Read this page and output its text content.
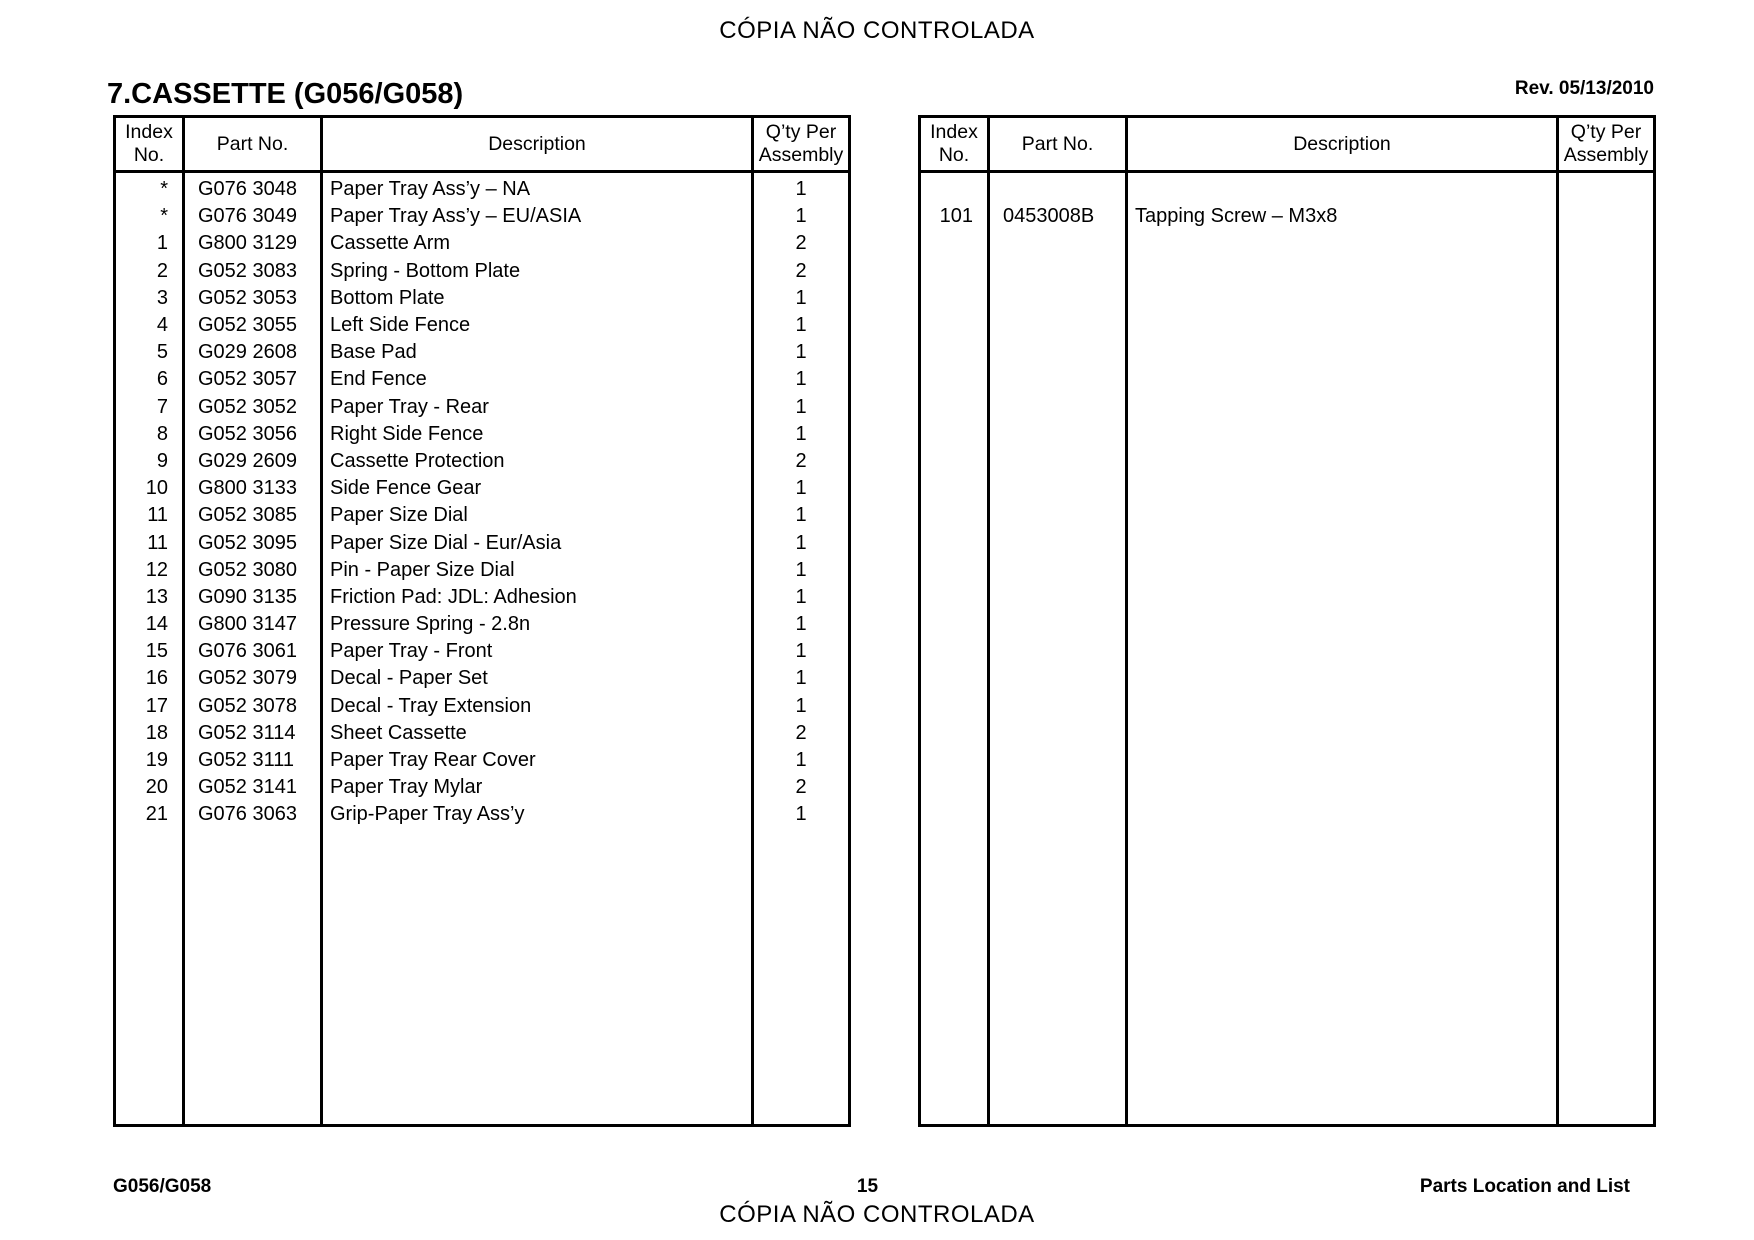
CÓPIA NÃO CONTROLADA
7.CASSETTE (G056/G058)	Rev. 05/13/2010
Index
No.	Part No.	Description	Q’ty Per
Assembly
*	G076 3048	Paper Tray Ass’y – NA	1
*	G076 3049	Paper Tray Ass’y – EU/ASIA	1
1	G800 3129	Cassette Arm	2
2	G052 3083	Spring - Bottom Plate	2
3	G052 3053	Bottom Plate	1
4	G052 3055	Left Side Fence	1
5	G029 2608	Base Pad	1
6	G052 3057	End Fence	1
7	G052 3052	Paper Tray - Rear	1
8	G052 3056	Right Side Fence	1
9	G029 2609	Cassette Protection	2
10	G800 3133	Side Fence Gear	1
11	G052 3085	Paper Size Dial	1
11	G052 3095	Paper Size Dial - Eur/Asia	1
12	G052 3080	Pin - Paper Size Dial	1
13	G090 3135	Friction Pad: JDL: Adhesion	1
14	G800 3147	Pressure Spring - 2.8n	1
15	G076 3061	Paper Tray - Front	1
16	G052 3079	Decal - Paper Set	1
17	G052 3078	Decal - Tray Extension	1
18	G052 3114	Sheet Cassette	2
19	G052 3111	Paper Tray Rear Cover	1
20	G052 3141	Paper Tray Mylar	2
21	G076 3063	Grip-Paper Tray Ass’y	1

Index
No.	Part No.	Description	Q’ty Per
Assembly

101	0453008B	Tapping Screw – M3x8	

G056/G058	15	Parts Location and List
CÓPIA NÃO CONTROLADA
